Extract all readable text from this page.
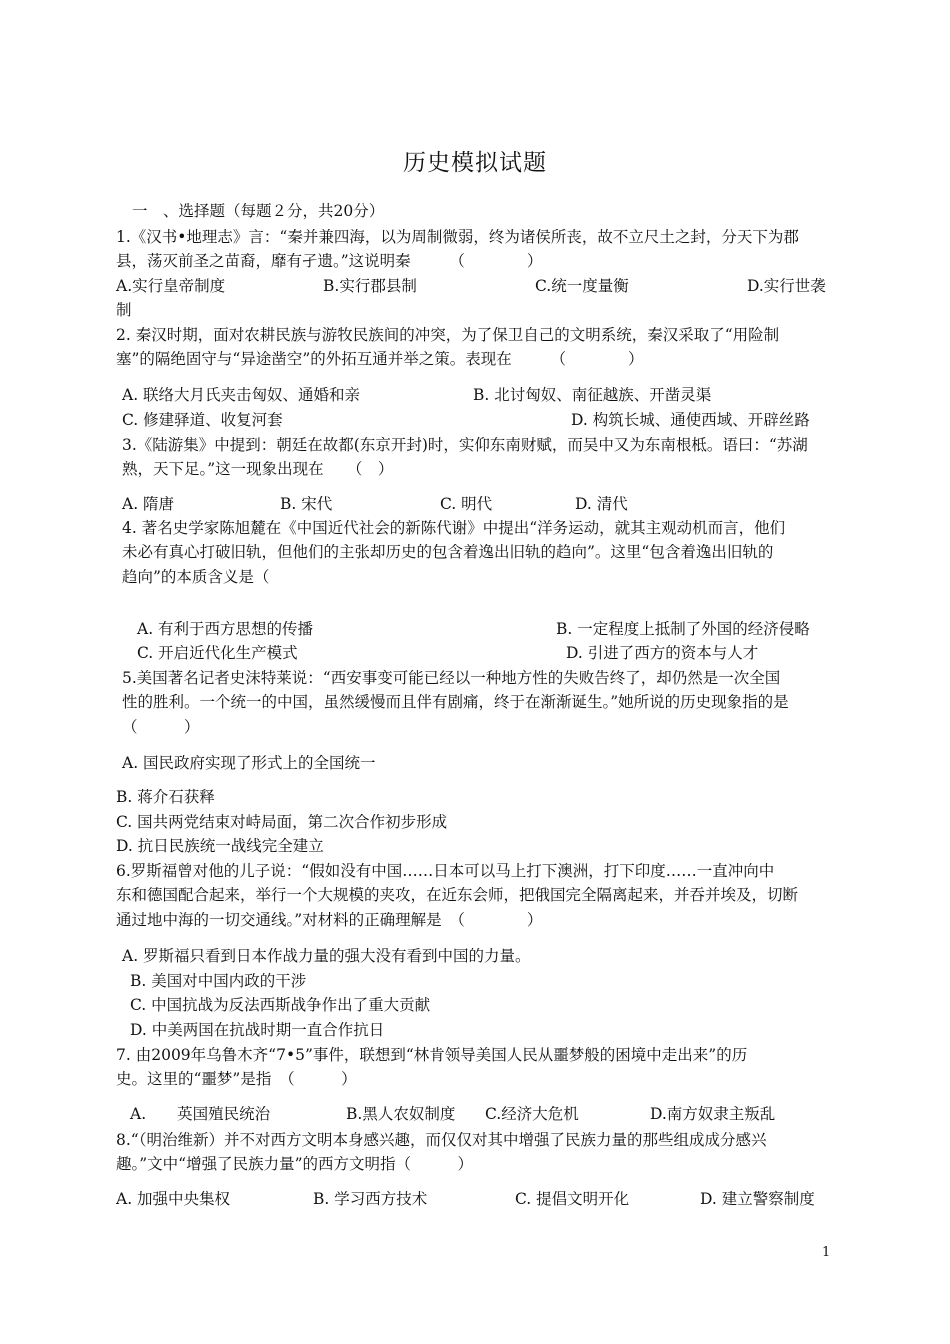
历史模拟试题
一　、选择题（每题２分，共20分）
1.《汉书•地理志》言：“秦并兼四海，以为周制微弱，终为诸侯所丧，故不立尺土之封，分天下为郡
县，荡灭前圣之苗裔，靡有孑遗。”这说明秦　　　（　　　　）
A.实行皇帝制度	B.实行郡县制	C.统一度量衡	D.实行世袭
制
2. 秦汉时期，面对农耕民族与游牧民族间的冲突，为了保卫自己的文明系统，秦汉采取了“用险制
塞”的隔绝固守与“异途凿空”的外拓互通并举之策。表现在　　　（　　　　）
A. 联络大月氏夹击匈奴、通婚和亲	B. 北讨匈奴、南征越族、开凿灵渠
C. 修建驿道、收复河套	D. 构筑长城、通使西域、开辟丝路
3.《陆游集》中提到：朝廷在故都(东京开封)时，实仰东南财赋，而吴中又为东南根柢。语曰：“苏湖
熟，天下足。”这一现象出现在　　（　）
A. 隋唐	B. 宋代	C. 明代	D. 清代
4. 著名史学家陈旭麓在《中国近代社会的新陈代谢》中提出“洋务运动，就其主观动机而言，他们
未必有真心打破旧轨，但他们的主张却历史的包含着逸出旧轨的趋向”。这里“包含着逸出旧轨的
趋向”的本质含义是（
A. 有利于西方思想的传播	B. 一定程度上抵制了外国的经济侵略
C. 开启近代化生产模式	D. 引进了西方的资本与人才
5.美国著名记者史沫特莱说：“西安事变可能已经以一种地方性的失败告终了，却仍然是一次全国
性的胜利。一个统一的中国，虽然缓慢而且伴有剧痛，终于在渐渐诞生。”她所说的历史现象指的是
（　　　）
A. 国民政府实现了形式上的全国统一
B. 蒋介石获释
C. 国共两党结束对峙局面，第二次合作初步形成
D. 抗日民族统一战线完全建立
6.罗斯福曾对他的儿子说：“假如没有中国……日本可以马上打下澳洲，打下印度……一直冲向中
东和德国配合起来，举行一个大规模的夹攻，在近东会师，把俄国完全隔离起来，并吞并埃及，切断
通过地中海的一切交通线。”对材料的正确理解是　（　　　　）
A. 罗斯福只看到日本作战力量的强大没有看到中国的力量。
B. 美国对中国内政的干涉
C. 中国抗战为反法西斯战争作出了重大贡献
D. 中美两国在抗战时期一直合作抗日
7. 由2009年乌鲁木齐“7•5”事件，联想到“林肯领导美国人民从噩梦般的困境中走出来”的历
史。这里的“噩梦”是指　（　　　）
A.　　英国殖民统治	B.黑人农奴制度 C.经济大危机	D.南方奴隶主叛乱
8.“（明治维新）并不对西方文明本身感兴趣，而仅仅对其中增强了民族力量的那些组成成分感兴
趣。”文中“增强了民族力量”的西方文明指（　　　）
A. 加强中央集权	B. 学习西方技术	C. 提倡文明开化	D. 建立警察制度
1
